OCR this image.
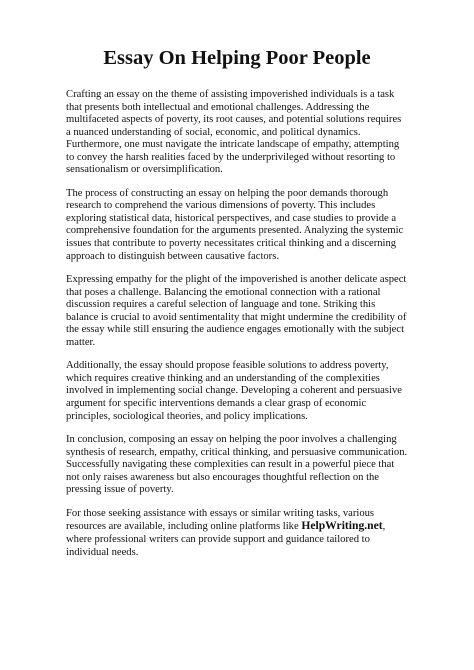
Essay On Helping Poor People

Crafting an essay on the theme of assisting impoverished individuals is a task that presents both intellectual and emotional challenges. Addressing the multifaceted aspects of poverty, its root causes, and potential solutions requires a nuanced understanding of social, economic, and political dynamics. Furthermore, one must navigate the intricate landscape of empathy, attempting to convey the harsh realities faced by the underprivileged without resorting to sensationalism or oversimplification.

The process of constructing an essay on helping the poor demands thorough research to comprehend the various dimensions of poverty. This includes exploring statistical data, historical perspectives, and case studies to provide a comprehensive foundation for the arguments presented. Analyzing the systemic issues that contribute to poverty necessitates critical thinking and a discerning approach to distinguish between causative factors.

Expressing empathy for the plight of the impoverished is another delicate aspect that poses a challenge. Balancing the emotional connection with a rational discussion requires a careful selection of language and tone. Striking this balance is crucial to avoid sentimentality that might undermine the credibility of the essay while still ensuring the audience engages emotionally with the subject matter.

Additionally, the essay should propose feasible solutions to address poverty, which requires creative thinking and an understanding of the complexities involved in implementing social change. Developing a coherent and persuasive argument for specific interventions demands a clear grasp of economic principles, sociological theories, and policy implications.

In conclusion, composing an essay on helping the poor involves a challenging synthesis of research, empathy, critical thinking, and persuasive communication. Successfully navigating these complexities can result in a powerful piece that not only raises awareness but also encourages thoughtful reflection on the pressing issue of poverty.

For those seeking assistance with essays or similar writing tasks, various resources are available, including online platforms like HelpWriting.net, where professional writers can provide support and guidance tailored to individual needs.
